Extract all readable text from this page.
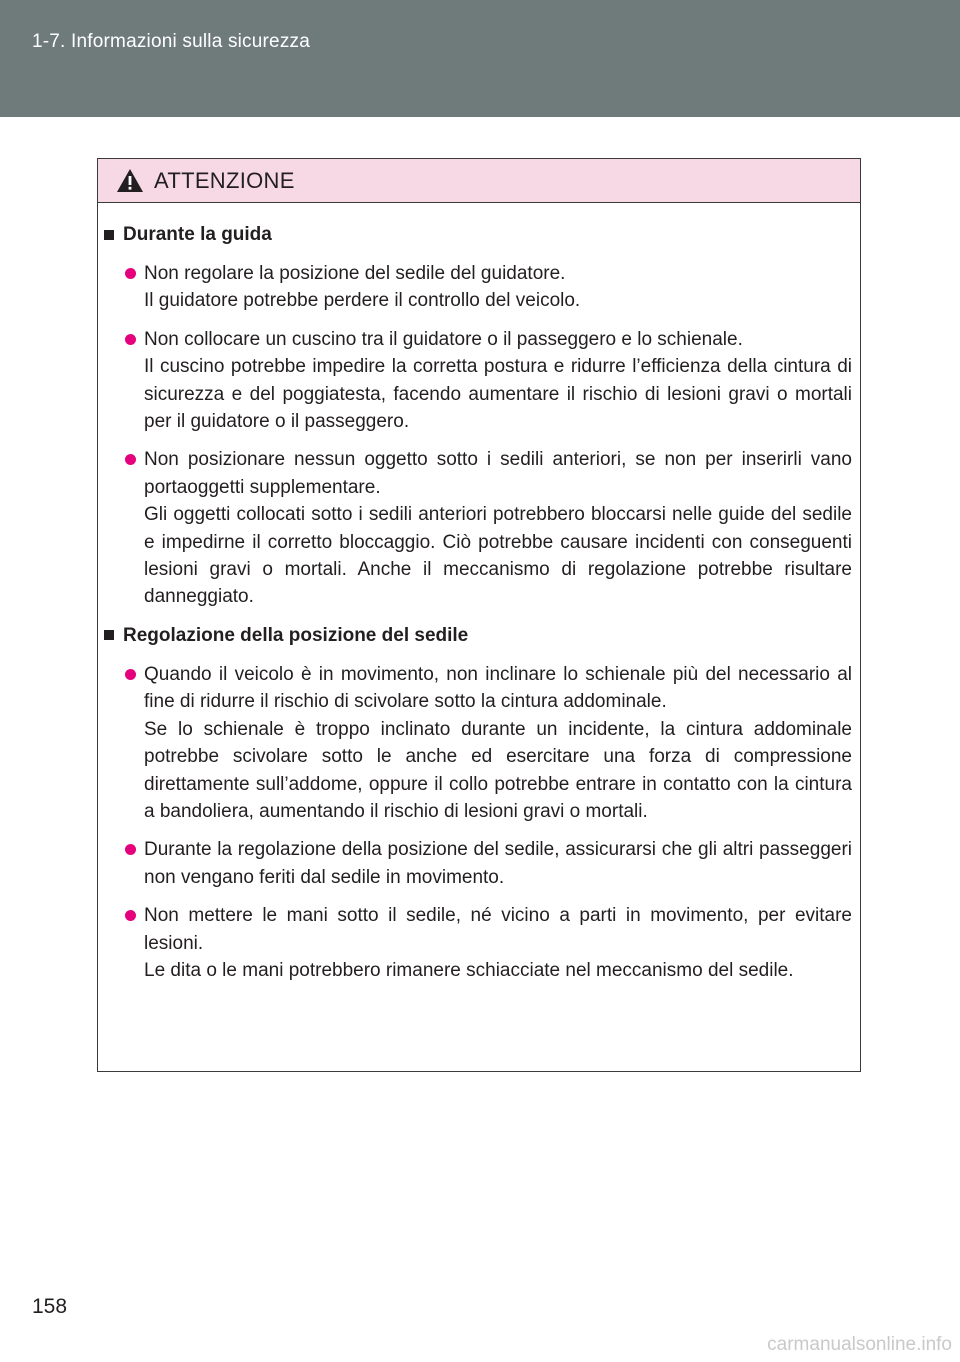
1-7. Informazioni sulla sicurezza
ATTENZIONE
Durante la guida

Non regolare la posizione del sedile del guidatore.

Il guidatore potrebbe perdere il controllo del veicolo.

Non collocare un cuscino tra il guidatore o il passeggero e lo schienale.

Il cuscino potrebbe impedire la corretta postura e ridurre l’efficienza della cintura di sicurezza e del poggiatesta, facendo aumentare il rischio di lesioni gravi o mortali per il guidatore o il passeggero.

Non posizionare nessun oggetto sotto i sedili anteriori, se non per inserirli vano portaoggetti supplementare.

Gli oggetti collocati sotto i sedili anteriori potrebbero bloccarsi nelle guide del sedile e impedirne il corretto bloccaggio. Ciò potrebbe causare incidenti con conseguenti lesioni gravi o mortali. Anche il meccanismo di regolazione potrebbe risultare danneggiato.

Regolazione della posizione del sedile

Quando il veicolo è in movimento, non inclinare lo schienale più del necessario al fine di ridurre il rischio di scivolare sotto la cintura addominale.

Se lo schienale è troppo inclinato durante un incidente, la cintura addominale potrebbe scivolare sotto le anche ed esercitare una forza di compressione direttamente sull’addome, oppure il collo potrebbe entrare in contatto con la cintura a bandoliera, aumentando il rischio di lesioni gravi o mortali.

Durante la regolazione della posizione del sedile, assicurarsi che gli altri passeggeri non vengano feriti dal sedile in movimento.

Non mettere le mani sotto il sedile, né vicino a parti in movimento, per evitare lesioni.

Le dita o le mani potrebbero rimanere schiacciate nel meccanismo del sedile.

158
carmanualsonline.info
